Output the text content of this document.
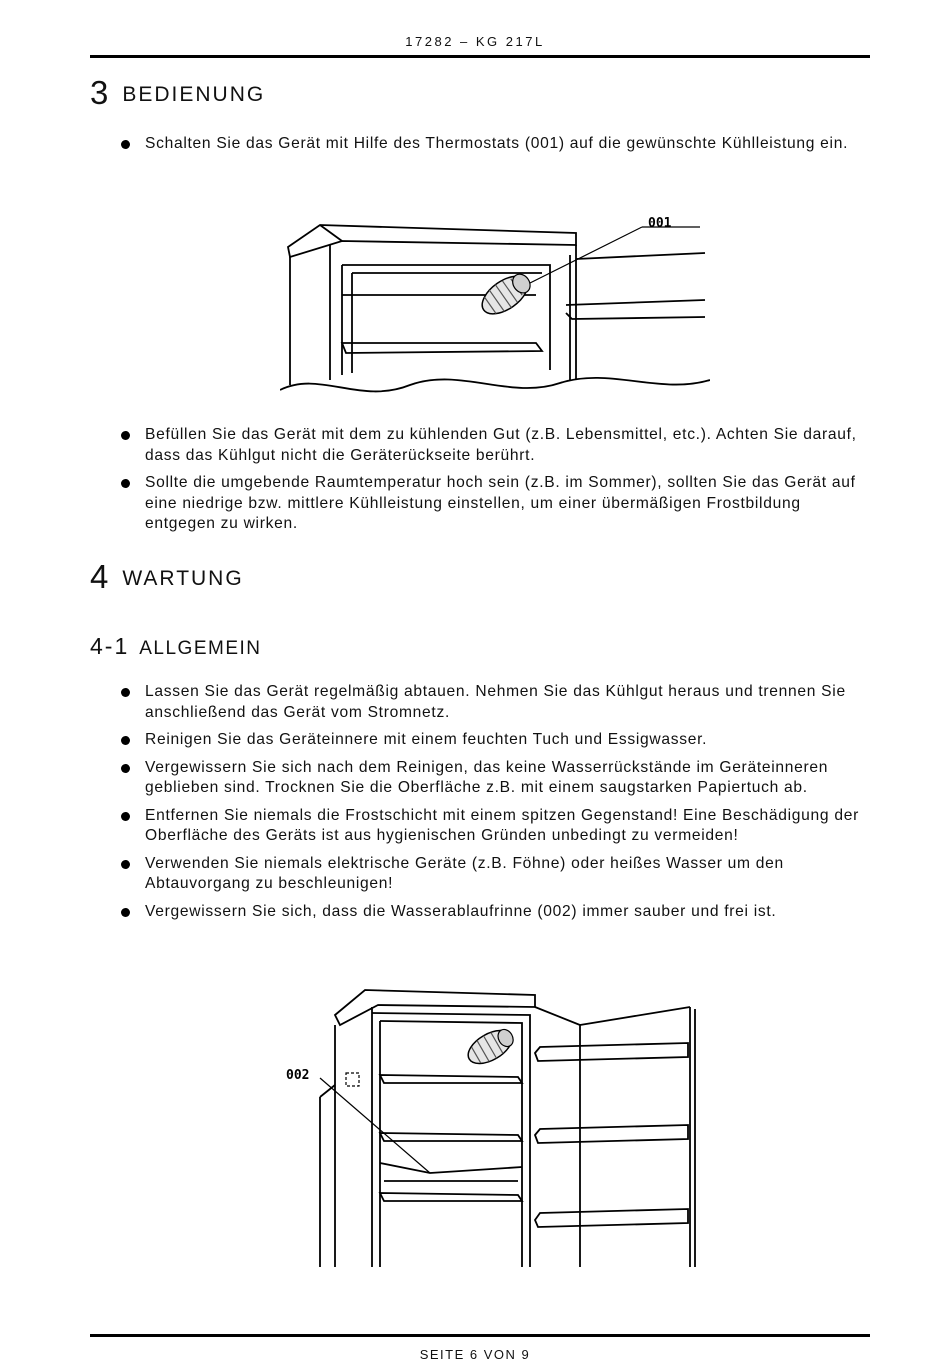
17282 – KG 217L
3 BEDIENUNG
Schalten Sie das Gerät mit Hilfe des Thermostats (001) auf die gewünschte Kühlleistung ein.
001
Befüllen Sie das Gerät mit dem zu kühlenden Gut (z.B. Lebensmittel, etc.). Achten Sie darauf, dass das Kühlgut nicht die Geräterückseite berührt.
Sollte die umgebende Raumtemperatur hoch sein (z.B. im Sommer), sollten Sie das Gerät auf eine niedrige bzw. mittlere Kühlleistung einstellen, um einer übermäßigen Frostbildung entgegen zu wirken.
4 WARTUNG
4-1 ALLGEMEIN
Lassen Sie das Gerät regelmäßig abtauen. Nehmen Sie das Kühlgut heraus und trennen Sie anschließend das Gerät vom Stromnetz.
Reinigen Sie das Geräteinnere mit einem feuchten Tuch und Essigwasser.
Vergewissern Sie sich nach dem Reinigen, das keine Wasserrückstände im Geräteinneren geblieben sind. Trocknen Sie die Oberfläche z.B. mit einem saugstarken Papiertuch ab.
Entfernen Sie niemals die Frostschicht mit einem spitzen Gegenstand! Eine Beschädigung der Oberfläche des Geräts ist aus hygienischen Gründen unbedingt zu vermeiden!
Verwenden Sie niemals elektrische Geräte (z.B. Föhne) oder heißes Wasser um den Abtauvorgang zu beschleunigen!
Vergewissern Sie sich, dass die Wasserablaufrinne (002) immer sauber und frei ist.
002
SEITE 6 VON 9
